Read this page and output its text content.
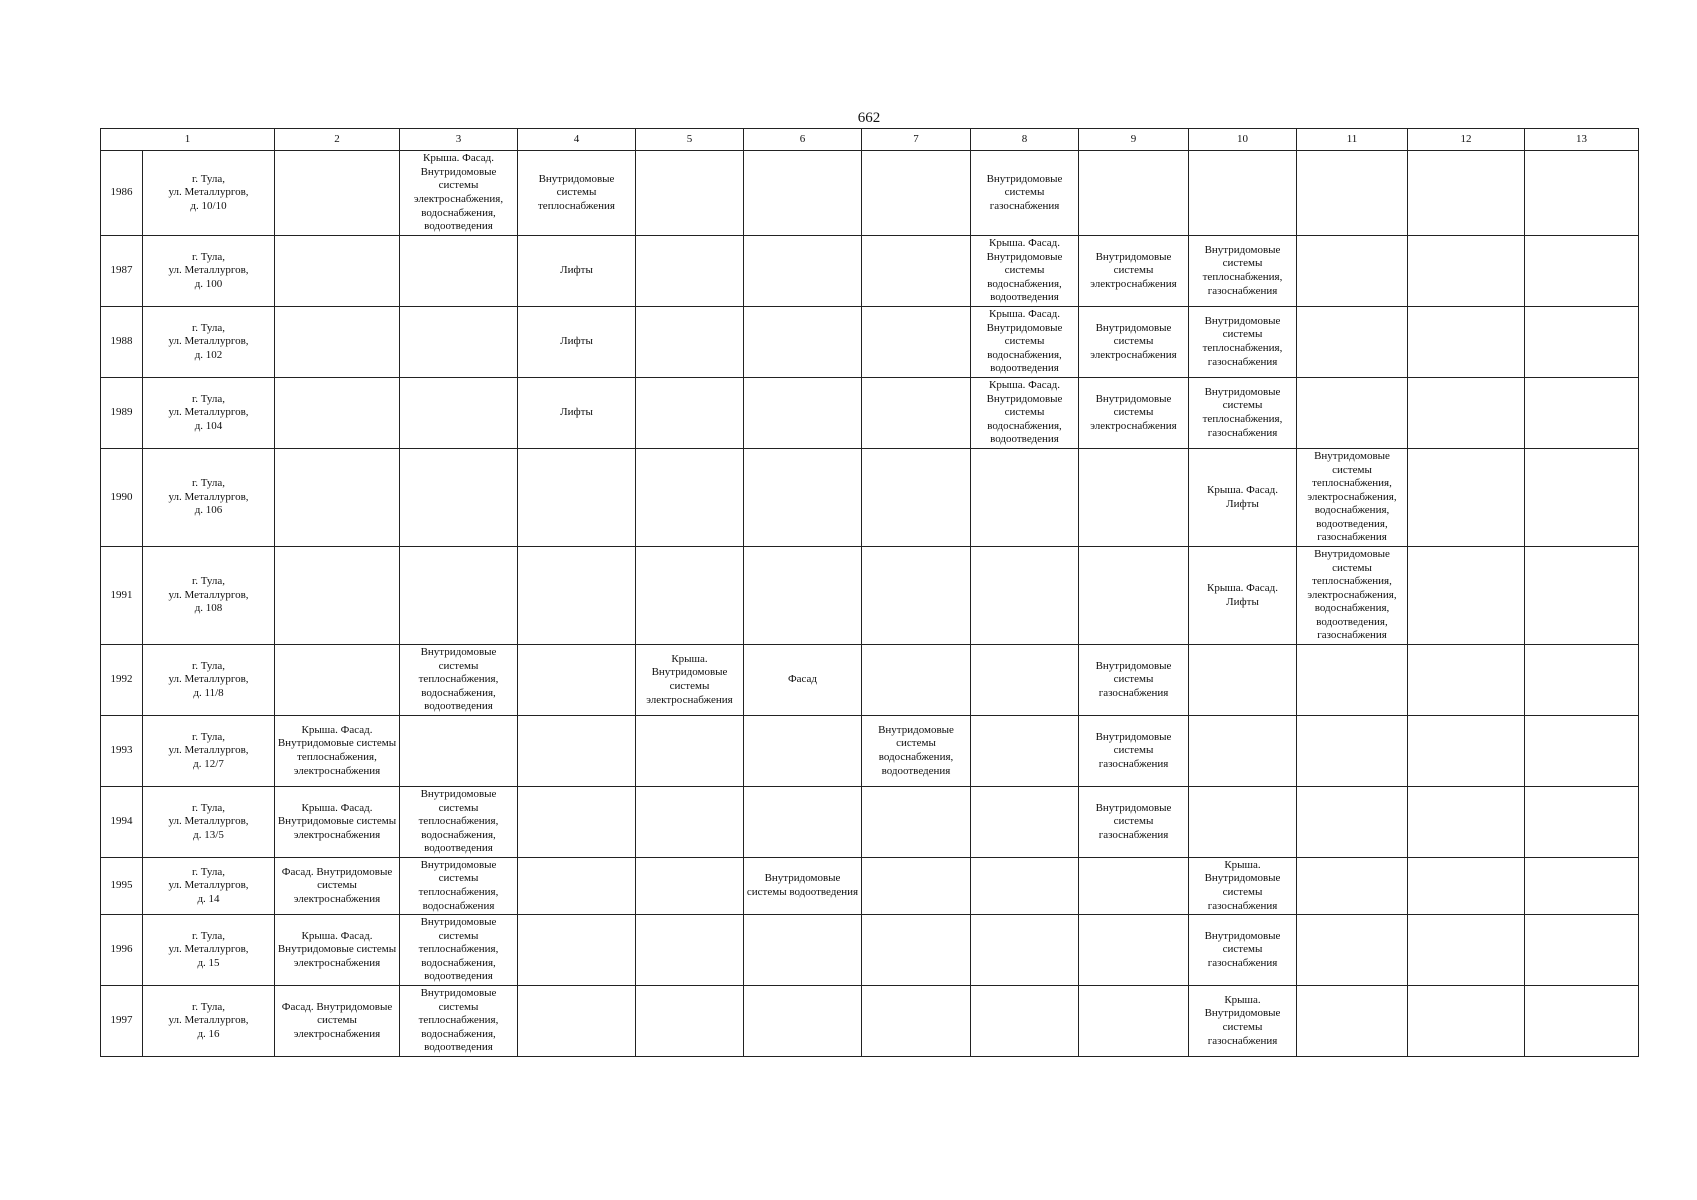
662
1		2	3	4	5	6	7	8	9	10	11	12	13
1986	г. Тула,
ул. Металлургов,
д. 10/10		Крыша. Фасад. Внутридомовые системы электроснабжения, водоснабжения, водоотведения	Внутридомовые системы теплоснабжения				Внутридомовые системы газоснабжения					
1987	г. Тула,
ул. Металлургов,
д. 100			Лифты				Крыша. Фасад. Внутридомовые системы водоснабжения, водоотведения	Внутридомовые системы электроснабжения	Внутридомовые системы теплоснабжения, газоснабжения			
1988	г. Тула,
ул. Металлургов,
д. 102			Лифты				Крыша. Фасад. Внутридомовые системы водоснабжения, водоотведения	Внутридомовые системы электроснабжения	Внутридомовые системы теплоснабжения, газоснабжения			
1989	г. Тула,
ул. Металлургов,
д. 104			Лифты				Крыша. Фасад. Внутридомовые системы водоснабжения, водоотведения	Внутридомовые системы электроснабжения	Внутридомовые системы теплоснабжения, газоснабжения			
1990	г. Тула,
ул. Металлургов,
д. 106									Крыша. Фасад. Лифты	Внутридомовые системы теплоснабжения, электроснабжения, водоснабжения, водоотведения, газоснабжения		
1991	г. Тула,
ул. Металлургов,
д. 108									Крыша. Фасад. Лифты	Внутридомовые системы теплоснабжения, электроснабжения, водоснабжения, водоотведения, газоснабжения		
1992	г. Тула,
ул. Металлургов,
д. 11/8		Внутридомовые системы теплоснабжения, водоснабжения, водоотведения		Крыша. Внутридомовые системы электроснабжения	Фасад			Внутридомовые системы газоснабжения				
1993	г. Тула,
ул. Металлургов,
д. 12/7	Крыша. Фасад. Внутридомовые системы теплоснабжения, электроснабжения					Внутридомовые системы водоснабжения, водоотведения		Внутридомовые системы газоснабжения				
1994	г. Тула,
ул. Металлургов,
д. 13/5	Крыша. Фасад. Внутридомовые системы электроснабжения	Внутридомовые системы теплоснабжения, водоснабжения, водоотведения						Внутридомовые системы газоснабжения				
1995	г. Тула,
ул. Металлургов,
д. 14	Фасад. Внутридомовые системы электроснабжения	Внутридомовые системы теплоснабжения, водоснабжения			Внутридомовые системы водоотведения				Крыша. Внутридомовые системы газоснабжения			
1996	г. Тула,
ул. Металлургов,
д. 15	Крыша. Фасад. Внутридомовые системы электроснабжения	Внутридомовые системы теплоснабжения, водоснабжения, водоотведения							Внутридомовые системы газоснабжения			
1997	г. Тула,
ул. Металлургов,
д. 16	Фасад. Внутридомовые системы электроснабжения	Внутридомовые системы теплоснабжения, водоснабжения, водоотведения							Крыша. Внутридомовые системы газоснабжения			
